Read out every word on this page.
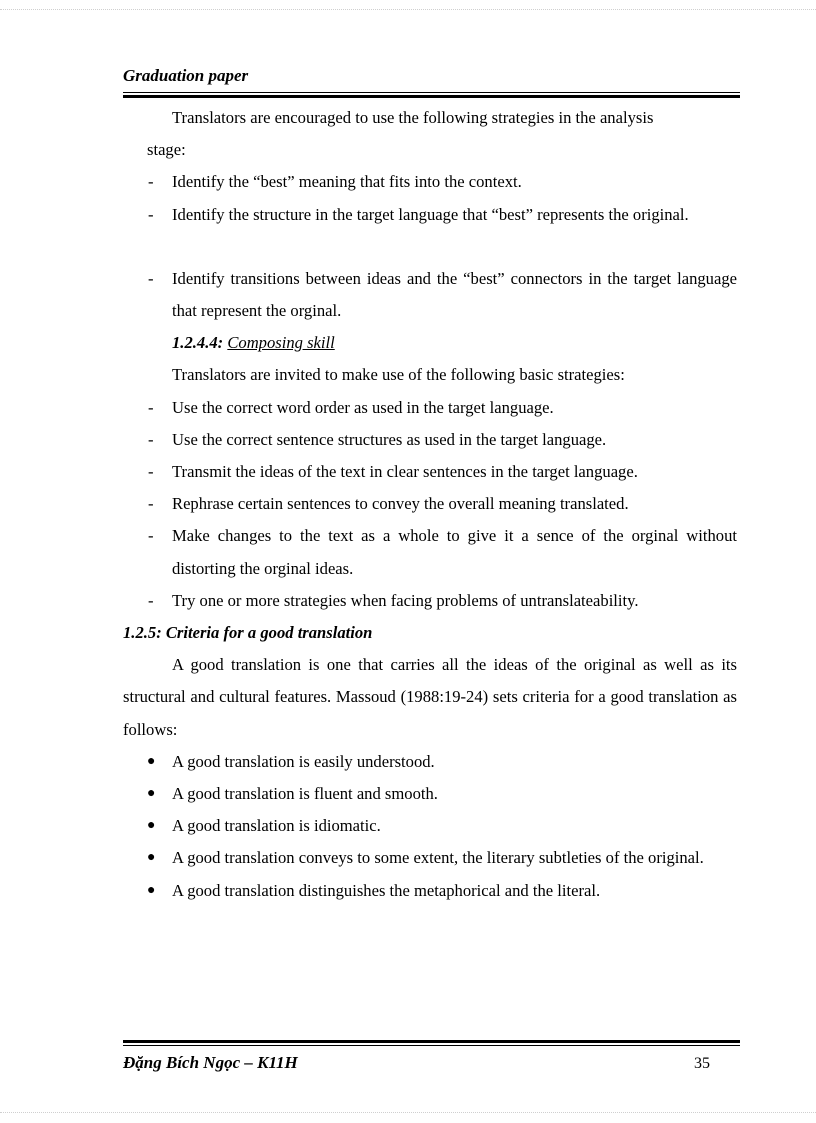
Graduation paper

Translators are encouraged to use the following strategies in the analysis

stage:

- Identify the “best” meaning that fits into the context.

- Identify the structure in the target language that “best” represents the original.

- Identify transitions between ideas and the “best” connectors in the target language that represent the orginal.

1.2.4.4: Composing skill

Translators are invited to make use of the following basic strategies:

- Use the correct word order as used in the target language.

- Use the correct sentence structures as used in the target language.

- Transmit the ideas of the text in clear sentences in the target language.

- Rephrase certain sentences to convey the overall meaning translated.

- Make changes to the text as a whole to give it a sence of the orginal without distorting the orginal ideas.

- Try one or more strategies when facing problems of untranslateability.

1.2.5: Criteria for a good translation

A good translation is one that carries all the ideas of the original as well as its structural and cultural features. Massoud (1988:19-24) sets criteria for a good translation as follows:

● A good translation is easily understood.

● A good translation is fluent and smooth.

● A good translation is idiomatic.

● A good translation conveys to some extent, the literary subtleties of the original.

● A good translation distinguishes the metaphorical and the literal.

Đặng Bích Ngọc – K11H	35
